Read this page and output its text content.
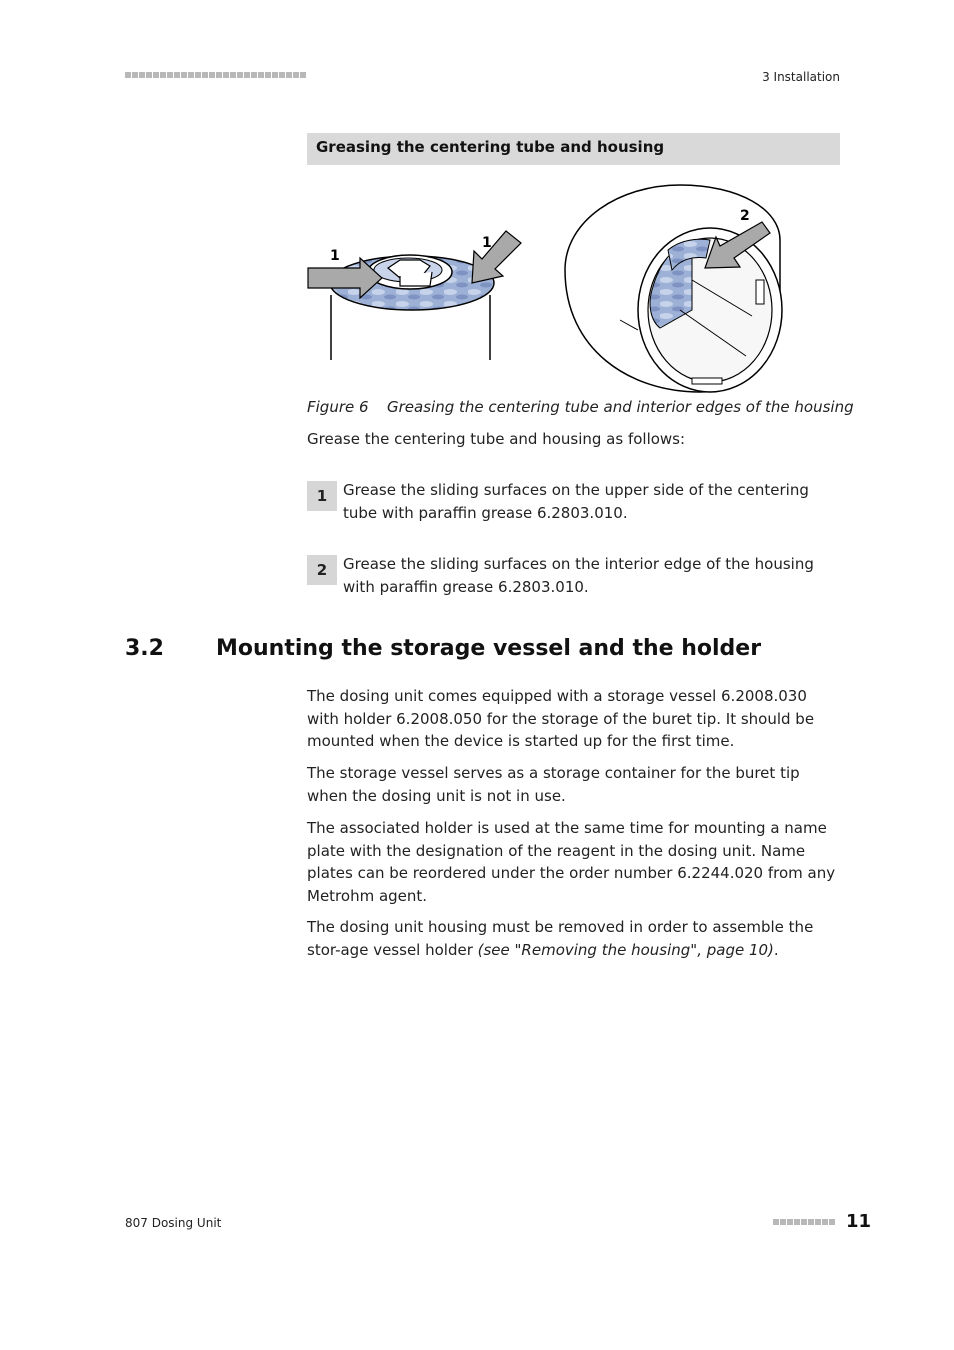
3 Installation
Greasing the centering tube and housing
1
1
2
Figure 6 Greasing the centering tube and interior edges of the housing
Grease the centering tube and housing as follows:
1	Grease the sliding surfaces on the upper side of the centering tube with paraffin grease 6.2803.010.
2	Grease the sliding surfaces on the interior edge of the housing with paraffin grease 6.2803.010.
3.2 Mounting the storage vessel and the holder
The dosing unit comes equipped with a storage vessel 6.2008.030 with holder 6.2008.050 for the storage of the buret tip. It should be mounted when the device is started up for the first time.
The storage vessel serves as a storage container for the buret tip when the dosing unit is not in use.
The associated holder is used at the same time for mounting a name plate with the designation of the reagent in the dosing unit. Name plates can be reordered under the order number 6.2244.020 from any Metrohm agent.
The dosing unit housing must be removed in order to assemble the stor-age vessel holder (see "Removing the housing", page 10).
807 Dosing Unit	11
